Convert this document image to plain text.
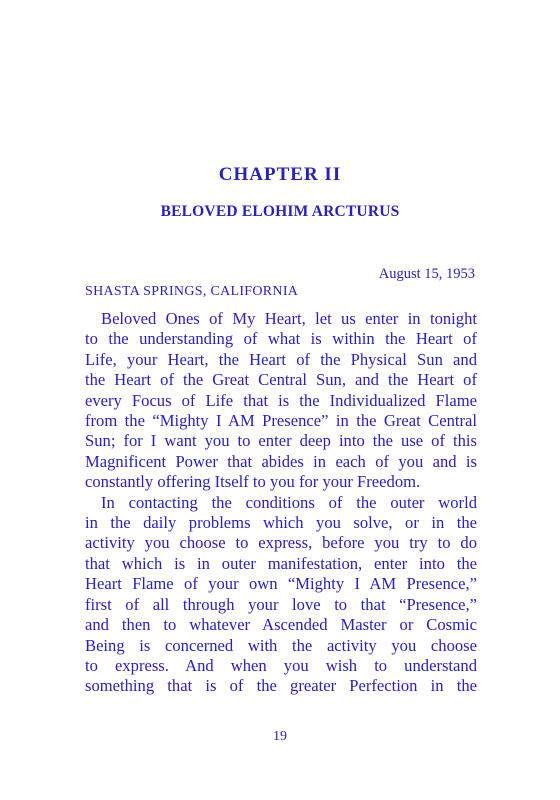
CHAPTER II
BELOVED ELOHIM ARCTURUS
August 15, 1953
SHASTA SPRINGS, CALIFORNIA
Beloved Ones of My Heart, let us enter in tonight
to the understanding of what is within the Heart of
Life, your Heart, the Heart of the Physical Sun and
the Heart of the Great Central Sun, and the Heart of
every Focus of Life that is the Individualized Flame
from the “Mighty I AM Presence” in the Great Central
Sun; for I want you to enter deep into the use of this
Magnificent Power that abides in each of you and is
constantly offering Itself to you for your Freedom.
In contacting the conditions of the outer world
in the daily problems which you solve, or in the
activity you choose to express, before you try to do
that which is in outer manifestation, enter into the
Heart Flame of your own “Mighty I AM Presence,”
first of all through your love to that “Presence,”
and then to whatever Ascended Master or Cosmic
Being is concerned with the activity you choose
to express. And when you wish to understand
something that is of the greater Perfection in the
19
